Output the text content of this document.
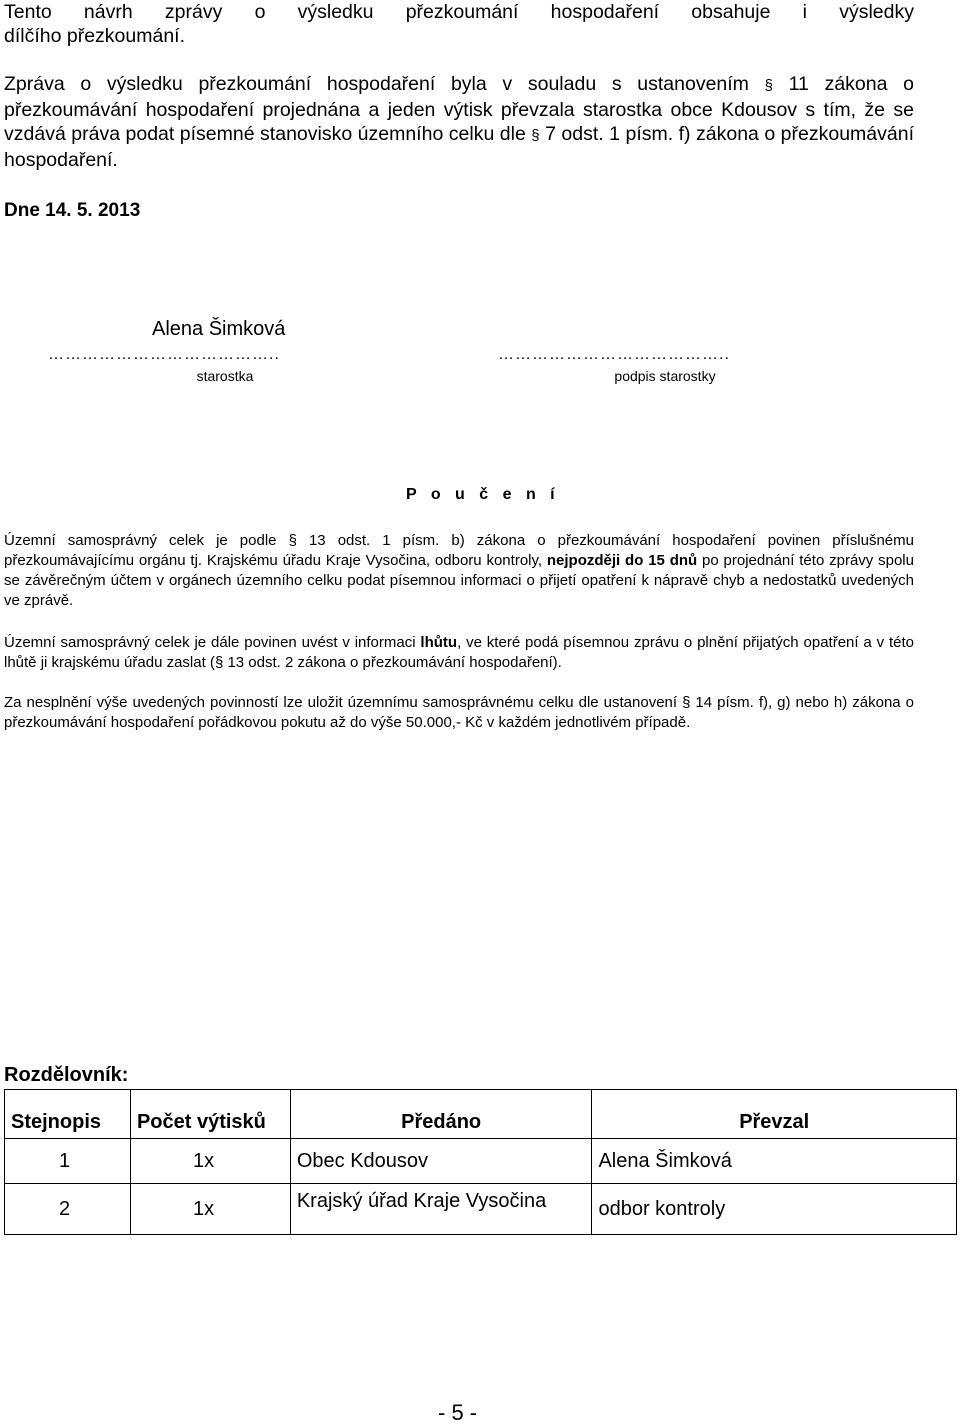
Tento návrh zprávy o výsledku přezkoumání hospodaření obsahuje i výsledky
dílčího přezkoumání.
Zpráva o výsledku přezkoumání hospodaření byla v souladu s ustanovením § 11 zákona o přezkoumávání hospodaření projednána a jeden výtisk převzala starostka obce Kdousov s tím, že se vzdává práva podat písemné stanovisko územního celku dle § 7 odst. 1 písm. f) zákona o přezkoumávání hospodaření.
Dne 14. 5. 2013
Alena Šimková
…………………………………..	…………………………………..
starostka	podpis starostky
P o u č e n í
Územní samosprávný celek je podle § 13 odst. 1 písm. b) zákona o přezkoumávání hospodaření povinen příslušnému přezkoumávajícímu orgánu tj. Krajskému úřadu Kraje Vysočina, odboru kontroly, nejpozději do 15 dnů po projednání této zprávy spolu se závěrečným účtem v orgánech územního celku podat písemnou informaci o přijetí opatření k nápravě chyb a nedostatků uvedených ve zprávě.
Územní samosprávný celek je dále povinen uvést v informaci lhůtu, ve které podá písemnou zprávu o plnění přijatých opatření a v této lhůtě ji krajskému úřadu zaslat (§ 13 odst. 2 zákona o přezkoumávání hospodaření).
Za nesplnění výše uvedených povinností lze uložit územnímu samosprávnému celku dle ustanovení § 14 písm. f), g) nebo h) zákona o přezkoumávání hospodaření pořádkovou pokutu až do výše 50.000,- Kč v každém jednotlivém případě.
Rozdělovník:
Stejnopis	Počet výtisků	Předáno	Převzal
1	1x	Obec Kdousov	Alena Šimková
2	1x	Krajský úřad Kraje Vysočina	odbor kontroly
- 5 -
